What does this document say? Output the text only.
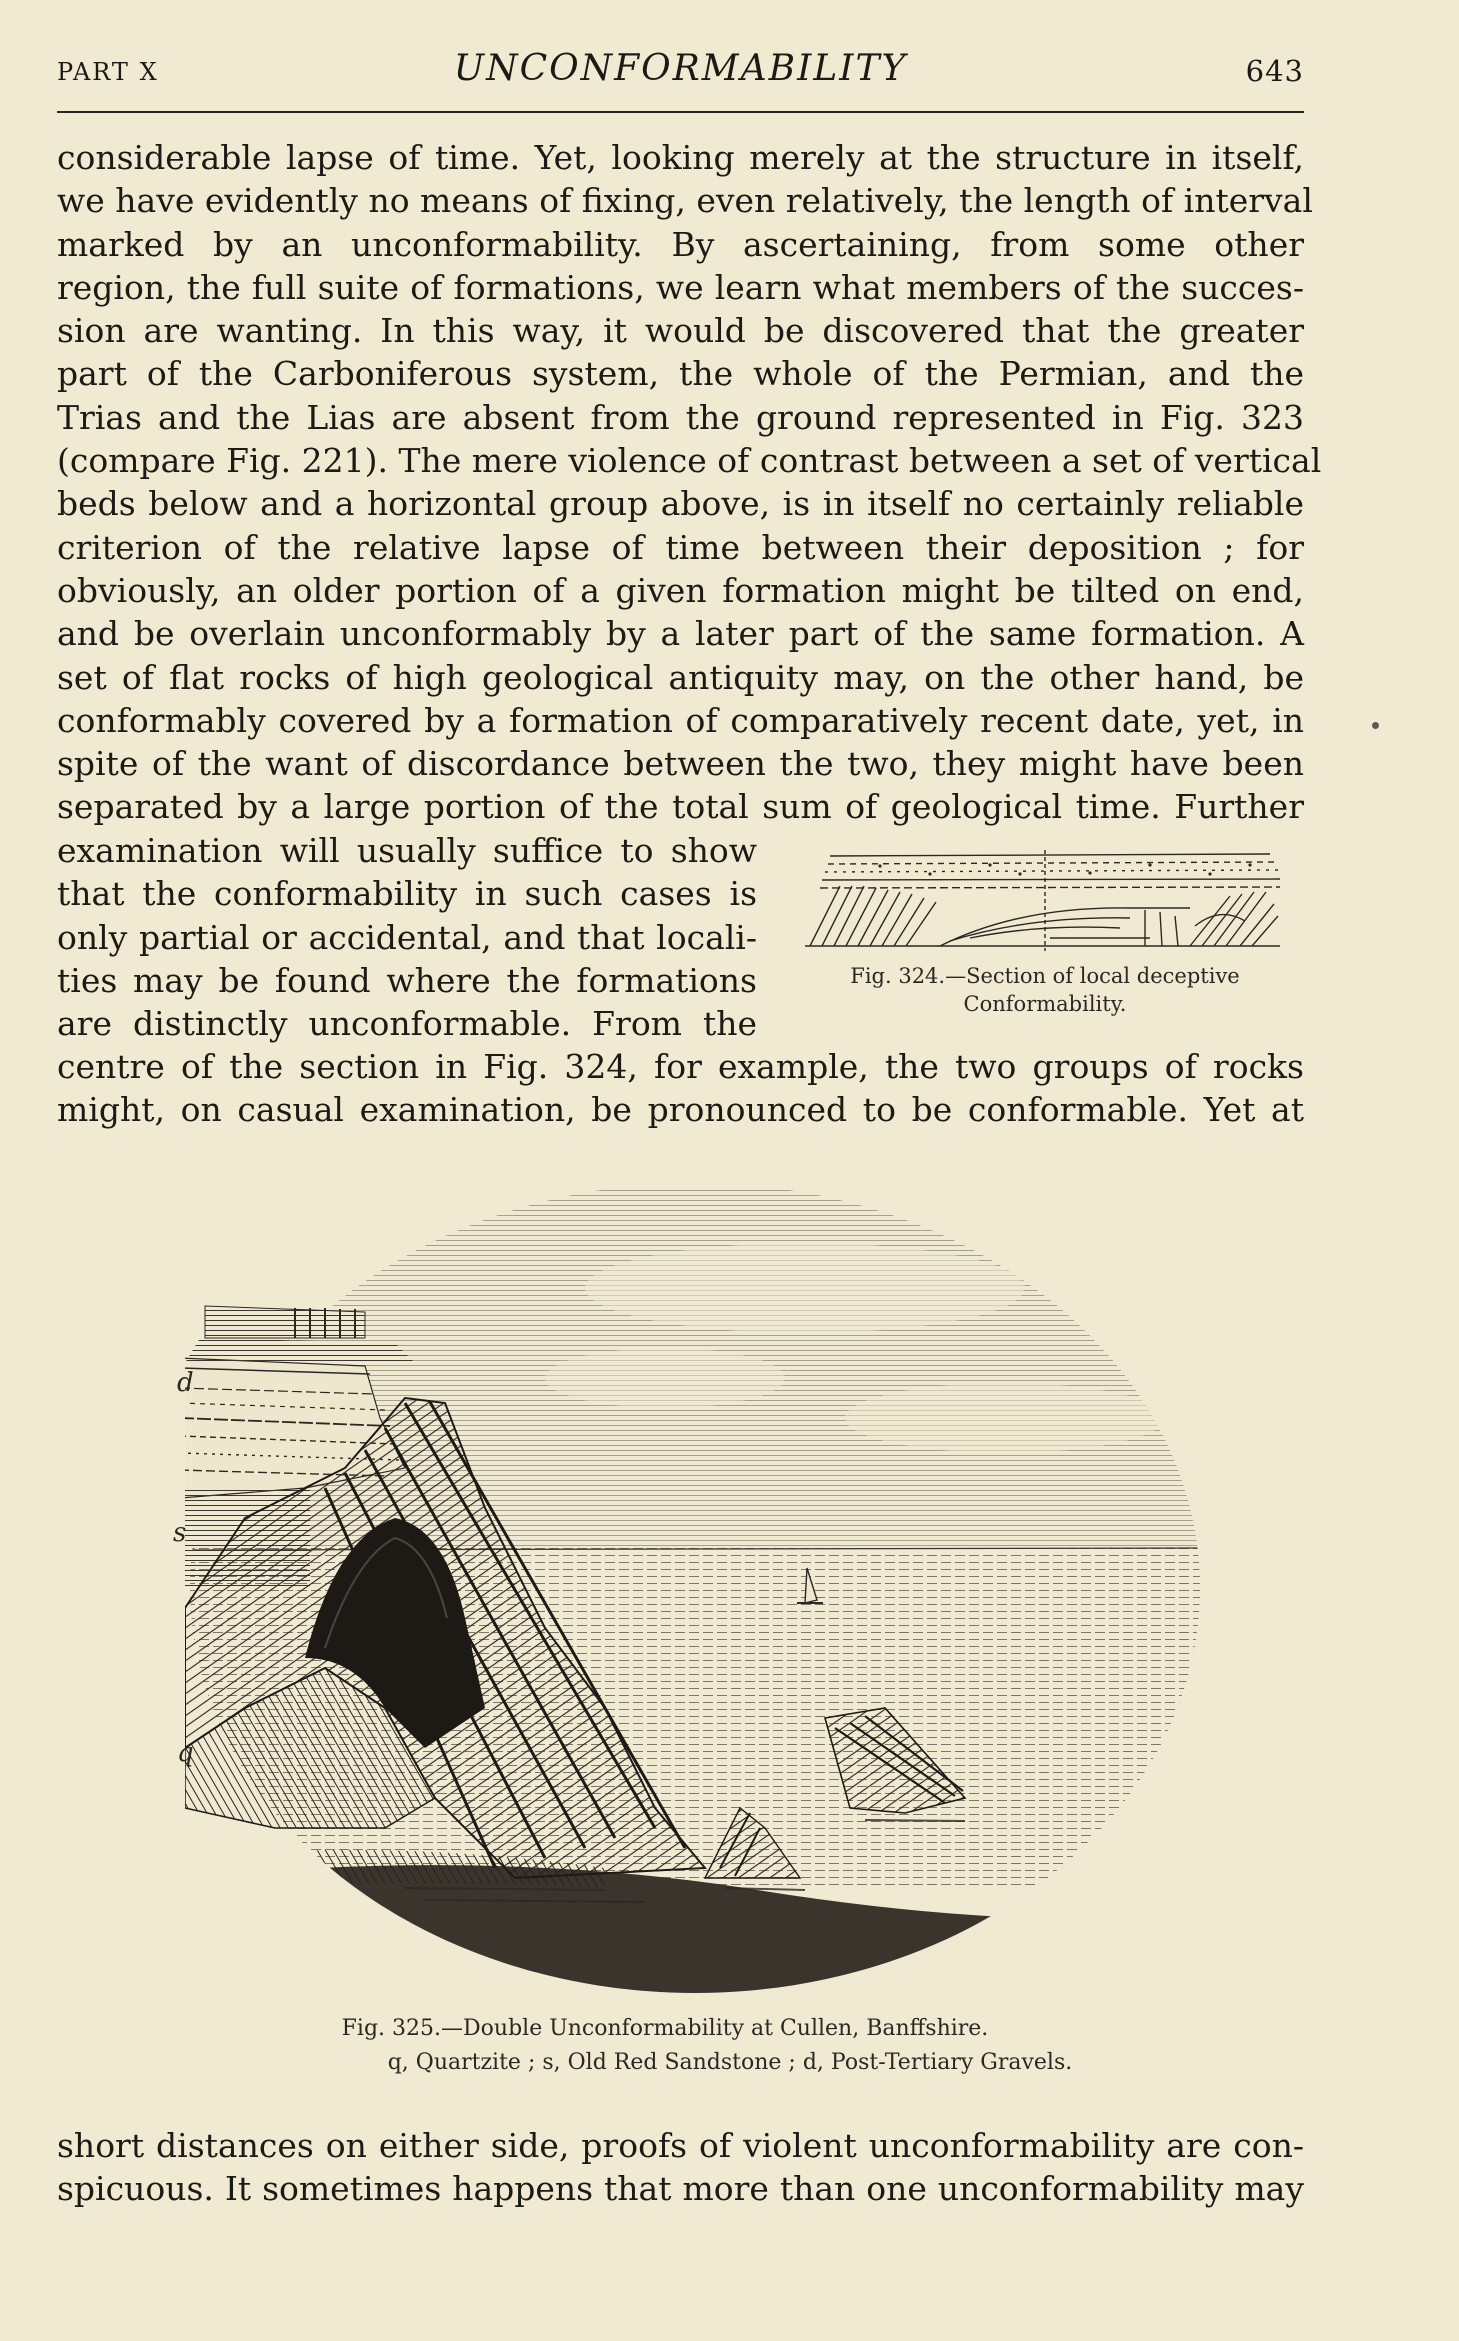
PART X	UNCONFORMABILITY	643
considerable lapse of time. Yet, looking merely at the structure in itself,
we have evidently no means of fixing, even relatively, the length of interval
marked by an unconformability. By ascertaining, from some other
region, the full suite of formations, we learn what members of the succes-
sion are wanting. In this way, it would be discovered that the greater
part of the Carboniferous system, the whole of the Permian, and the
Trias and the Lias are absent from the ground represented in Fig. 323
(compare Fig. 221). The mere violence of contrast between a set of vertical
beds below and a horizontal group above, is in itself no certainly reliable
criterion of the relative lapse of time between their deposition ; for
obviously, an older portion of a given formation might be tilted on end,
and be overlain unconformably by a later part of the same formation. A
set of flat rocks of high geological antiquity may, on the other hand, be
conformably covered by a formation of comparatively recent date, yet, in
spite of the want of discordance between the two, they might have been
separated by a large portion of the total sum of geological time. Further
examination will usually suffice to show
that the conformability in such cases is
only partial or accidental, and that locali-
ties may be found where the formations
are distinctly unconformable. From the
centre of the section in Fig. 324, for example, the two groups of rocks
might, on casual examination, be pronounced to be conformable. Yet at
Fig. 324.—Section of local deceptive
Conformability.
d
s
q
Fig. 325.—Double Unconformability at Cullen, Banffshire.
q, Quartzite ; s, Old Red Sandstone ; d, Post-Tertiary Gravels.
short distances on either side, proofs of violent unconformability are con-
spicuous. It sometimes happens that more than one unconformability may
